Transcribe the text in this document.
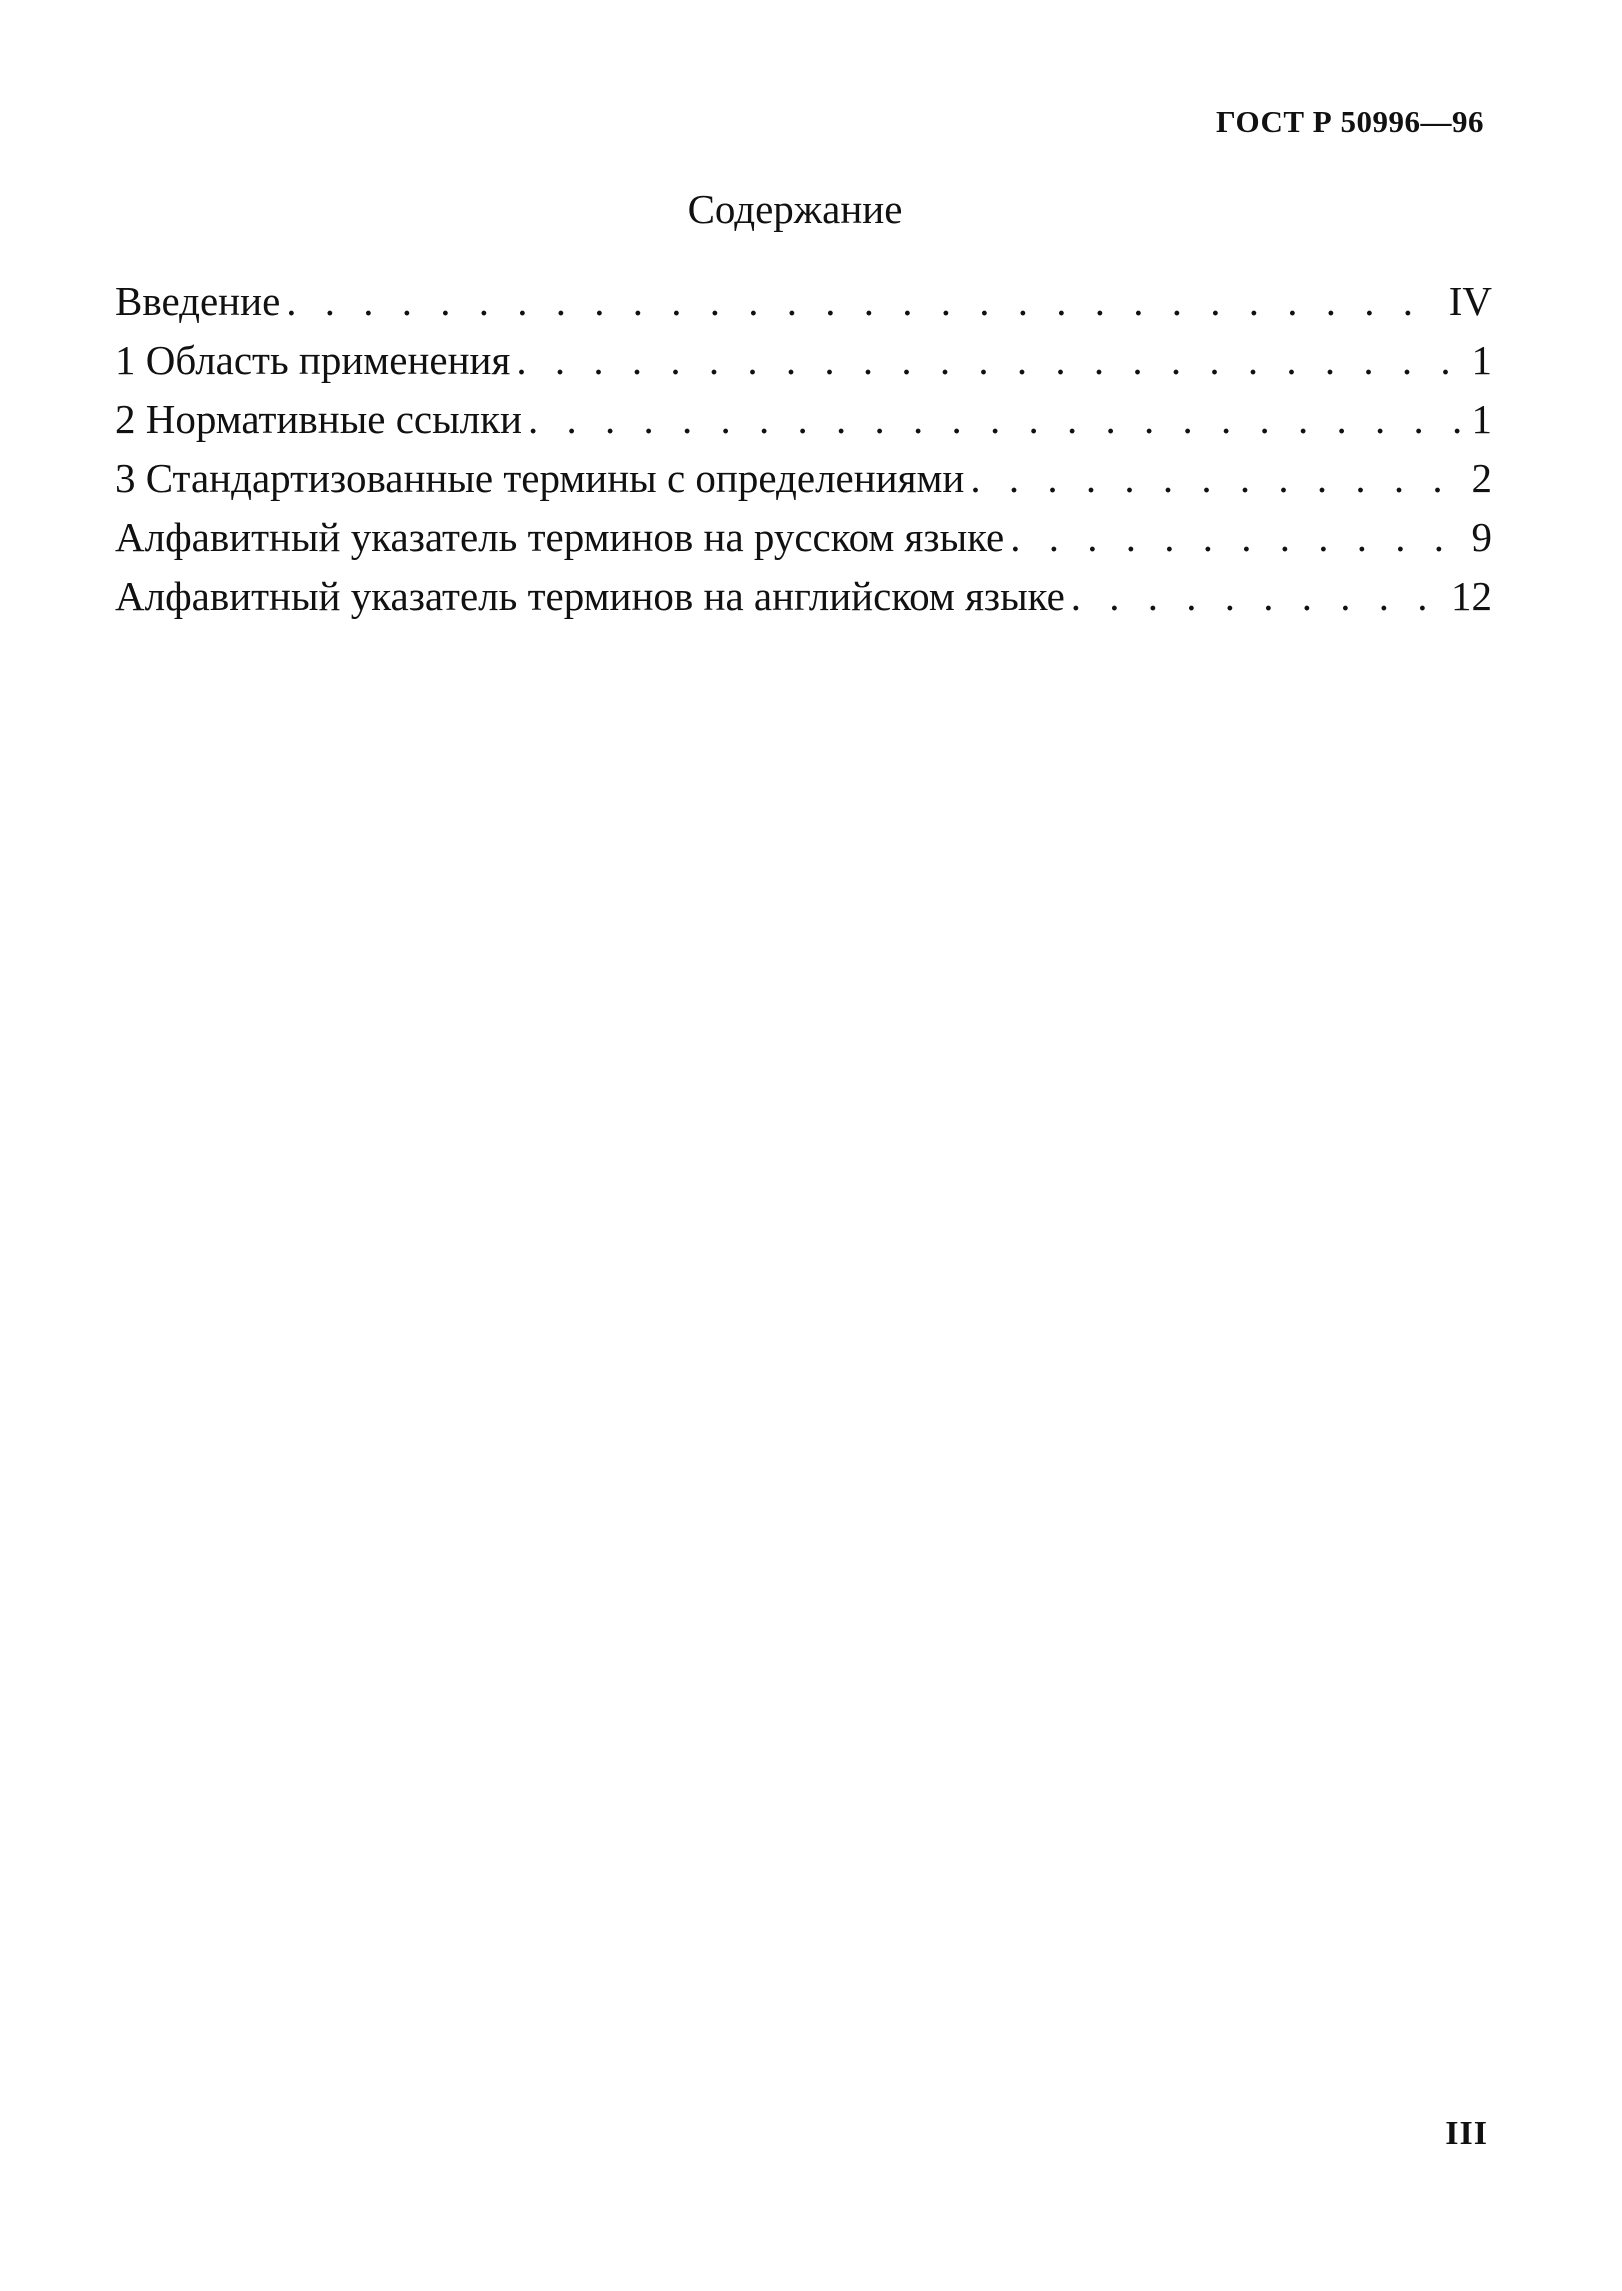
ГОСТ Р 50996—96
Содержание
Введение . . .	IV
1 Область применения . . .	1
2 Нормативные ссылки . . .	1
3 Стандартизованные термины с определениями . . .	2
Алфавитный указатель терминов на русском языке . . .	9
Алфавитный указатель терминов на английском языке . . .	12
III
